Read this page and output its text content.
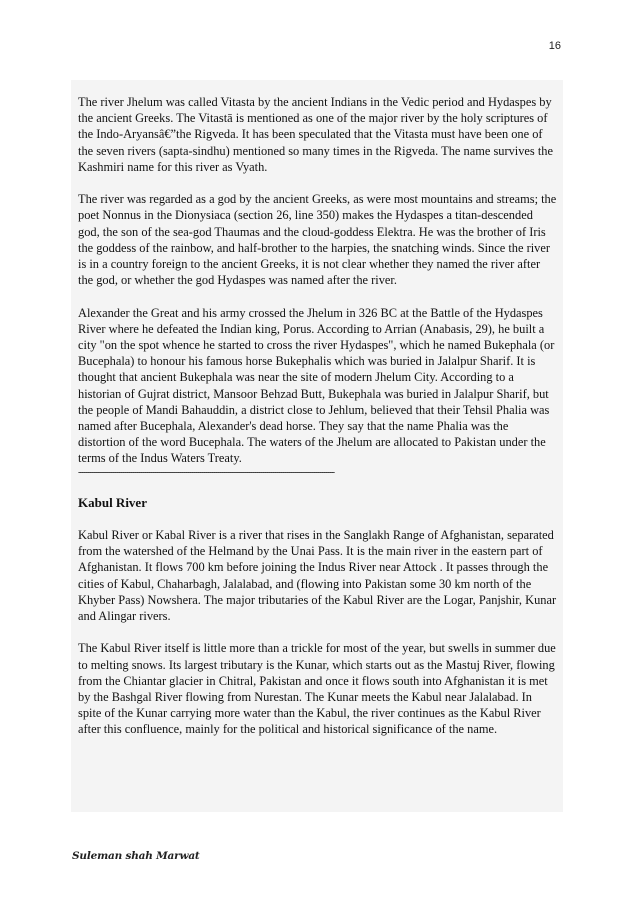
16

The river Jhelum was called Vitasta by the ancient Indians in the Vedic period and Hydaspes by the ancient Greeks. The Vitastā is mentioned as one of the major river by the holy scriptures of the Indo-Aryansâ€”the Rigveda. It has been speculated that the Vitasta must have been one of the seven rivers (sapta-sindhu) mentioned so many times in the Rigveda. The name survives the Kashmiri name for this river as Vyath.

The river was regarded as a god by the ancient Greeks, as were most mountains and streams; the poet Nonnus in the Dionysiaca (section 26, line 350) makes the Hydaspes a titan-descended god, the son of the sea-god Thaumas and the cloud-goddess Elektra. He was the brother of Iris the goddess of the rainbow, and half-brother to the harpies, the snatching winds. Since the river is in a country foreign to the ancient Greeks, it is not clear whether they named the river after the god, or whether the god Hydaspes was named after the river.

Alexander the Great and his army crossed the Jhelum in 326 BC at the Battle of the Hydaspes River where he defeated the Indian king, Porus. According to Arrian (Anabasis, 29), he built a city "on the spot whence he started to cross the river Hydaspes", which he named Bukephala (or Bucephala) to honour his famous horse Bukephalis which was buried in Jalalpur Sharif. It is thought that ancient Bukephala was near the site of modern Jhelum City. According to a historian of Gujrat district, Mansoor Behzad Butt, Bukephala was buried in Jalalpur Sharif, but the people of Mandi Bahauddin, a district close to Jehlum, believed that their Tehsil Phalia was named after Bucephala, Alexander's dead horse. They say that the name Phalia was the distortion of the word Bucephala. The waters of the Jhelum are allocated to Pakistan under the terms of the Indus Waters Treaty.

------------------------------------------------------------------------------------------------------------------------------
Kabul River

Kabul River or Kabal River is a river that rises in the Sanglakh Range of Afghanistan, separated from the watershed of the Helmand by the Unai Pass. It is the main river in the eastern part of Afghanistan. It flows 700 km before joining the Indus River near Attock . It passes through the cities of Kabul, Chaharbagh, Jalalabad, and (flowing into Pakistan some 30 km north of the Khyber Pass) Nowshera. The major tributaries of the Kabul River are the Logar, Panjshir, Kunar and Alingar rivers.

The Kabul River itself is little more than a trickle for most of the year, but swells in summer due to melting snows. Its largest tributary is the Kunar, which starts out as the Mastuj River, flowing from the Chiantar glacier in Chitral, Pakistan and once it flows south into Afghanistan it is met by the Bashgal River flowing from Nurestan. The Kunar meets the Kabul near Jalalabad. In spite of the Kunar carrying more water than the Kabul, the river continues as the Kabul River after this confluence, mainly for the political and historical significance of the name.

Suleman shah Marwat
